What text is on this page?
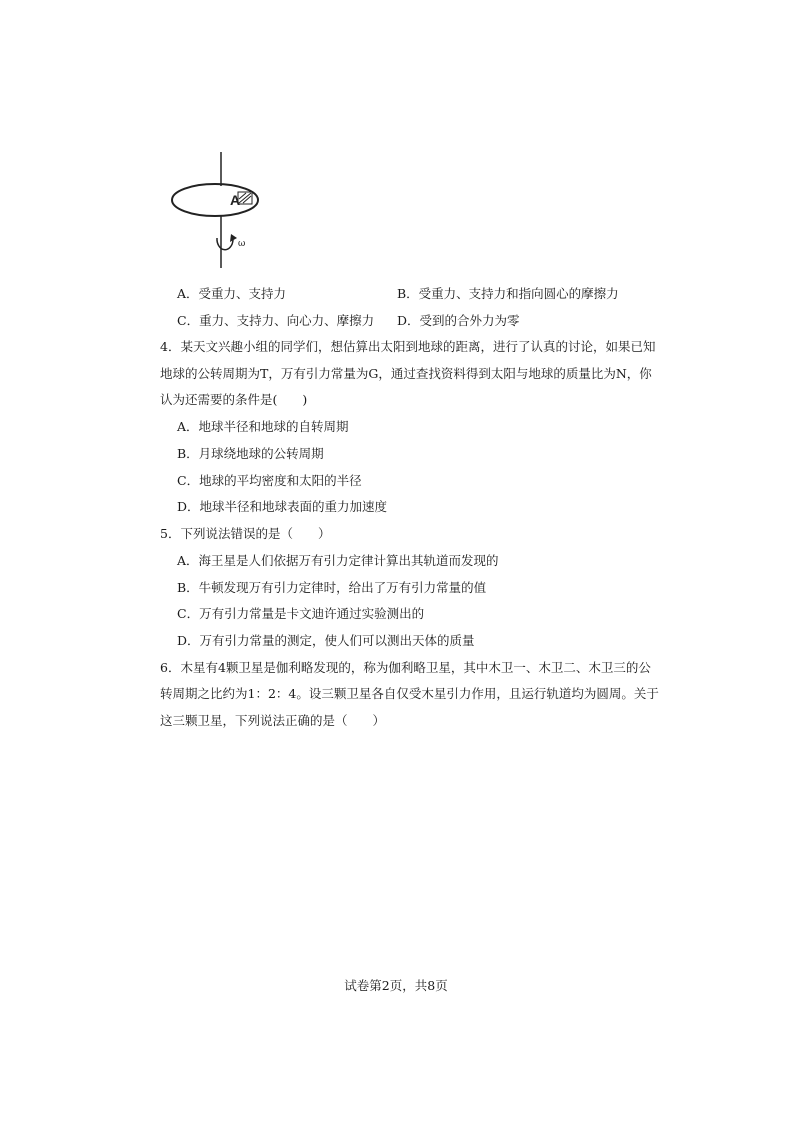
A
ω
A．受重力、支持力	B．受重力、支持力和指向圆心的摩擦力
C．重力、支持力、向心力、摩擦力 D．受到的合外力为零
4．某天文兴趣小组的同学们，想估算出太阳到地球的距离，进行了认真的讨论，如果已知
地球的公转周期为T，万有引力常量为G，通过查找资料得到太阳与地球的质量比为N，你
认为还需要的条件是(　　)
A．地球半径和地球的自转周期
B．月球绕地球的公转周期
C．地球的平均密度和太阳的半径
D．地球半径和地球表面的重力加速度
5．下列说法错误的是（　　）
A．海王星是人们依据万有引力定律计算出其轨道而发现的
B．牛顿发现万有引力定律时，给出了万有引力常量的值
C．万有引力常量是卡文迪许通过实验测出的
D．万有引力常量的测定，使人们可以测出天体的质量
6．木星有4颗卫星是伽利略发现的，称为伽利略卫星，其中木卫一、木卫二、木卫三的公
转周期之比约为1：2：4。设三颗卫星各自仅受木星引力作用，且运行轨道均为圆周。关于
这三颗卫星，下列说法正确的是（　　）
试卷第2页，共8页
